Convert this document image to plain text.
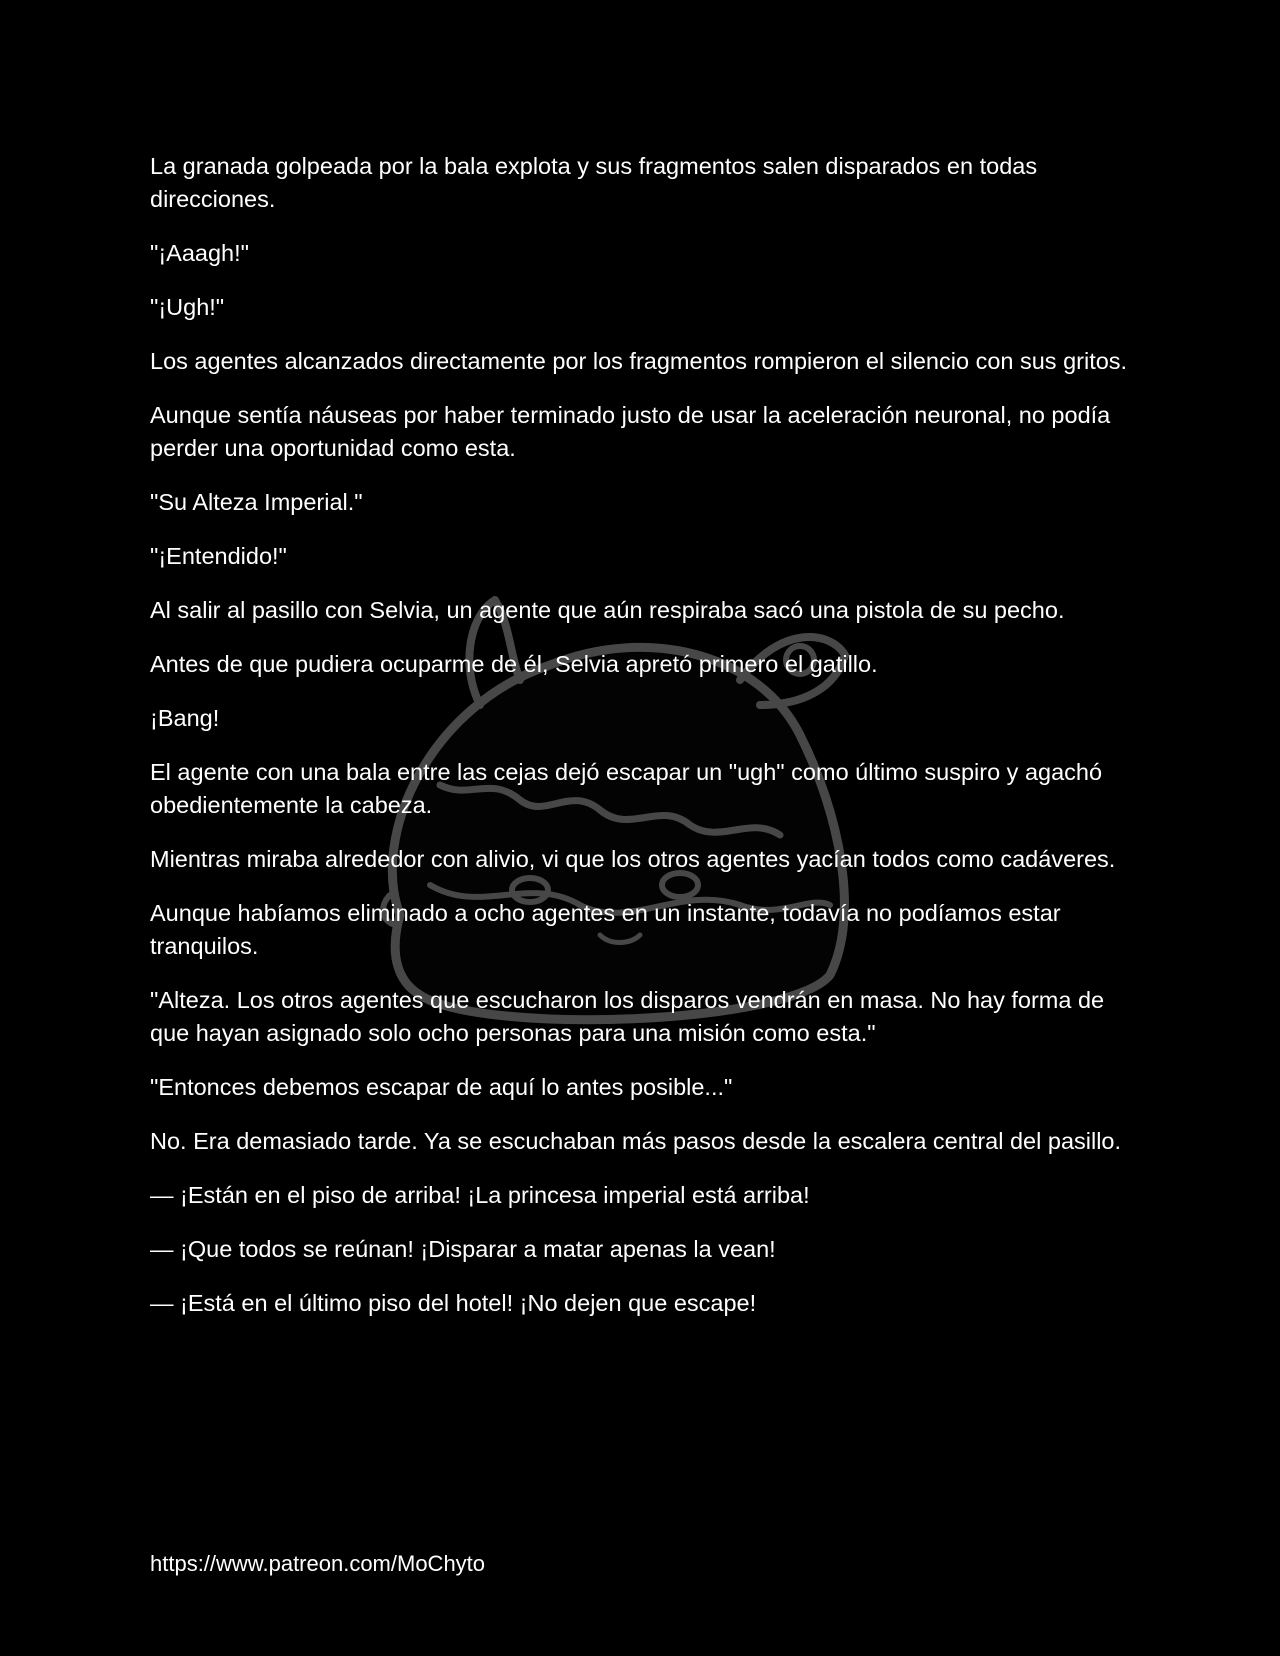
La granada golpeada por la bala explota y sus fragmentos salen disparados en todas direcciones.

"¡Aaagh!"

"¡Ugh!"

Los agentes alcanzados directamente por los fragmentos rompieron el silencio con sus gritos.

Aunque sentía náuseas por haber terminado justo de usar la aceleración neuronal, no podía perder una oportunidad como esta.

"Su Alteza Imperial."

"¡Entendido!"

Al salir al pasillo con Selvia, un agente que aún respiraba sacó una pistola de su pecho.

Antes de que pudiera ocuparme de él, Selvia apretó primero el gatillo.

¡Bang!

El agente con una bala entre las cejas dejó escapar un "ugh" como último suspiro y agachó obedientemente la cabeza.

Mientras miraba alrededor con alivio, vi que los otros agentes yacían todos como cadáveres.

Aunque habíamos eliminado a ocho agentes en un instante, todavía no podíamos estar tranquilos.

"Alteza. Los otros agentes que escucharon los disparos vendrán en masa. No hay forma de que hayan asignado solo ocho personas para una misión como esta."

"Entonces debemos escapar de aquí lo antes posible..."

No. Era demasiado tarde. Ya se escuchaban más pasos desde la escalera central del pasillo.

— ¡Están en el piso de arriba! ¡La princesa imperial está arriba!

— ¡Que todos se reúnan! ¡Disparar a matar apenas la vean!

— ¡Está en el último piso del hotel! ¡No dejen que escape!

https://www.patreon.com/MoChyto
